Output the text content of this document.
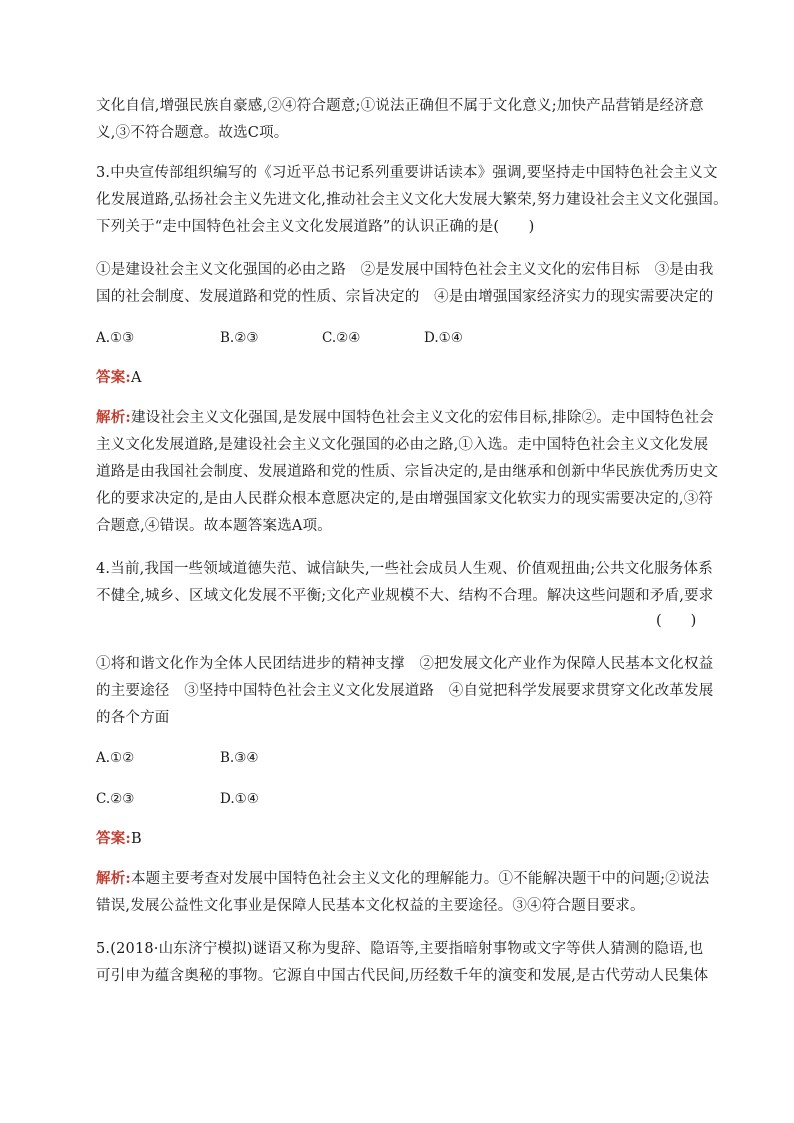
文化自信,增强民族自豪感,②④符合题意;①说法正确但不属于文化意义;加快产品营销是经济意
义,③不符合题意。故选C项。
3.中央宣传部组织编写的《习近平总书记系列重要讲话读本》强调,要坚持走中国特色社会主义文
化发展道路,弘扬社会主义先进文化,推动社会主义文化大发展大繁荣,努力建设社会主义文化强国。
下列关于“走中国特色社会主义文化发展道路”的认识正确的是(　　)
①是建设社会主义文化强国的必由之路　②是发展中国特色社会主义文化的宏伟目标　③是由我
国的社会制度、发展道路和党的性质、宗旨决定的　④是由增强国家经济实力的现实需要决定的
A.①③	B.②③	C.②④	D.①④
答案:A
解析:建设社会主义文化强国,是发展中国特色社会主义文化的宏伟目标,排除②。走中国特色社会
主义文化发展道路,是建设社会主义文化强国的必由之路,①入选。走中国特色社会主义文化发展
道路是由我国社会制度、发展道路和党的性质、宗旨决定的,是由继承和创新中华民族优秀历史文
化的要求决定的,是由人民群众根本意愿决定的,是由增强国家文化软实力的现实需要决定的,③符
合题意,④错误。故本题答案选A项。
4.当前,我国一些领域道德失范、诚信缺失,一些社会成员人生观、价值观扭曲;公共文化服务体系
不健全,城乡、区域文化发展不平衡;文化产业规模不大、结构不合理。解决这些问题和矛盾,要求
(　　)
①将和谐文化作为全体人民团结进步的精神支撑　②把发展文化产业作为保障人民基本文化权益
的主要途径　③坚持中国特色社会主义文化发展道路　④自觉把科学发展要求贯穿文化改革发展
的各个方面
A.①②	B.③④
C.②③	D.①④
答案:B
解析:本题主要考查对发展中国特色社会主义文化的理解能力。①不能解决题干中的问题;②说法
错误,发展公益性文化事业是保障人民基本文化权益的主要途径。③④符合题目要求。
5.(2018·山东济宁模拟)谜语又称为叟辞、隐语等,主要指暗射事物或文字等供人猜测的隐语,也
可引申为蕴含奥秘的事物。它源自中国古代民间,历经数千年的演变和发展,是古代劳动人民集体
